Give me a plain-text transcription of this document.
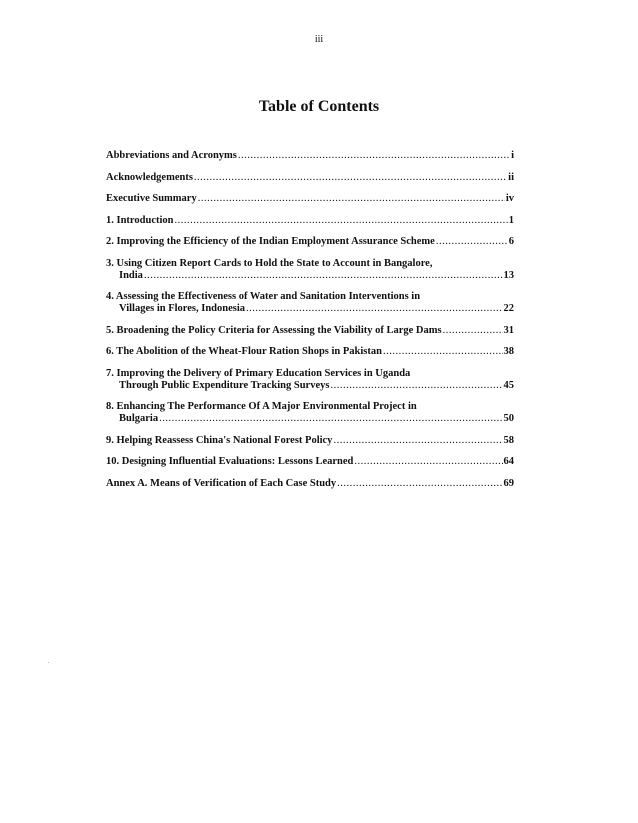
iii
Table of Contents
Abbreviations and Acronyms .....	i
Acknowledgements .....	ii
Executive Summary .....	iv
1. Introduction .....	1
2. Improving the Efficiency of the Indian Employment Assurance Scheme .....	6
3. Using Citizen Report Cards to Hold the State to Account in Bangalore,
India .....	13
4. Assessing the Effectiveness of Water and Sanitation Interventions in
Villages in Flores, Indonesia .....	22
5. Broadening the Policy Criteria for Assessing the Viability of Large Dams .....	31
6. The Abolition of the Wheat-Flour Ration Shops in Pakistan .....	38
7. Improving the Delivery of Primary Education Services in Uganda
Through Public Expenditure Tracking Surveys .....	45
8. Enhancing The Performance Of A Major Environmental Project in
Bulgaria .....	50
9. Helping Reassess China's National Forest Policy .....	58
10. Designing Influential Evaluations: Lessons Learned .....	64
Annex A. Means of Verification of Each Case Study .....	69
